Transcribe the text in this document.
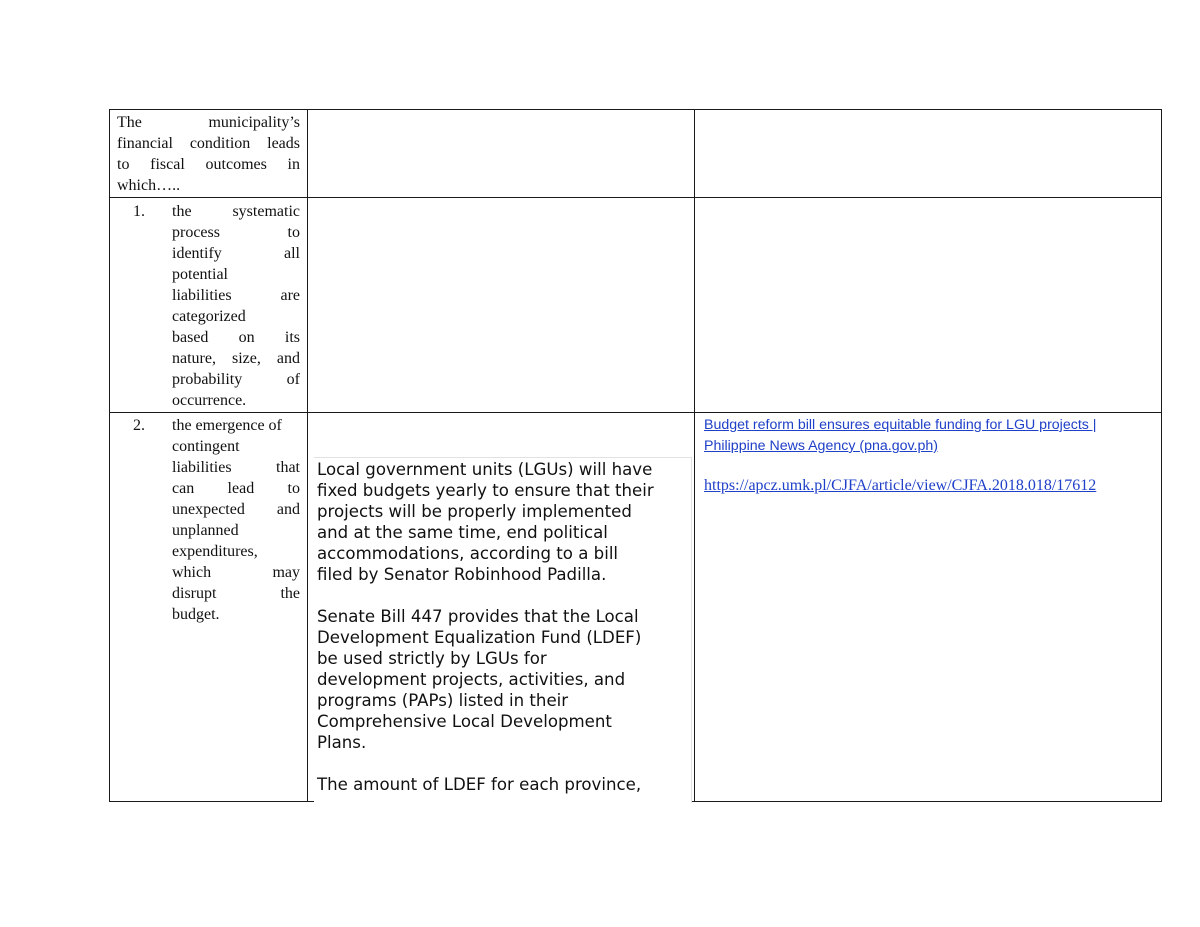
The municipality’s
financial condition leads
to fiscal outcomes in
which…..
1. the systematic
process to
identify all
potential
liabilities are
categorized
based on its
nature, size, and
probability of
occurrence.
2. the emergence of
contingent
liabilities that
can lead to
unexpected and
unplanned
expenditures,
which may
disrupt the
budget.

Local government units (LGUs) will have
fixed budgets yearly to ensure that their
projects will be properly implemented
and at the same time, end political
accommodations, according to a bill
filed by Senator Robinhood Padilla.

Senate Bill 447 provides that the Local
Development Equalization Fund (LDEF)
be used strictly by LGUs for
development projects, activities, and
programs (PAPs) listed in their
Comprehensive Local Development
Plans.

The amount of LDEF for each province,

Budget reform bill ensures equitable funding for LGU projects |
Philippine News Agency (pna.gov.ph)
https://apcz.umk.pl/CJFA/article/view/CJFA.2018.018/17612
